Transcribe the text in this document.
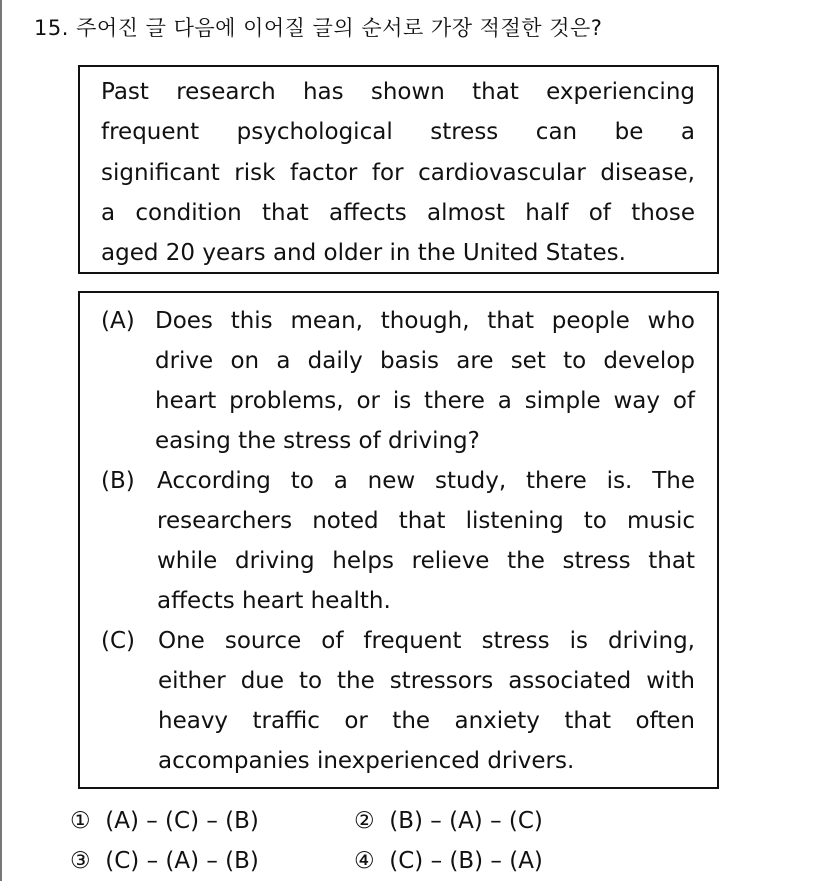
15. 주어진 글 다음에 이어질 글의 순서로 가장 적절한 것은?
Past research has shown that experiencing
frequent psychological stress can be a
significant risk factor for cardiovascular disease,
a condition that affects almost half of those
aged 20 years and older in the United States.
(A) Does this mean, though, that people who
drive on a daily basis are set to develop
heart problems, or is there a simple way of
easing the stress of driving?
(B) According to a new study, there is. The
researchers noted that listening to music
while driving helps relieve the stress that
affects heart health.
(C) One source of frequent stress is driving,
either due to the stressors associated with
heavy traffic or the anxiety that often
accompanies inexperienced drivers.
① (A) – (C) – (B)	② (B) – (A) – (C)
③ (C) – (A) – (B)	④ (C) – (B) – (A)
